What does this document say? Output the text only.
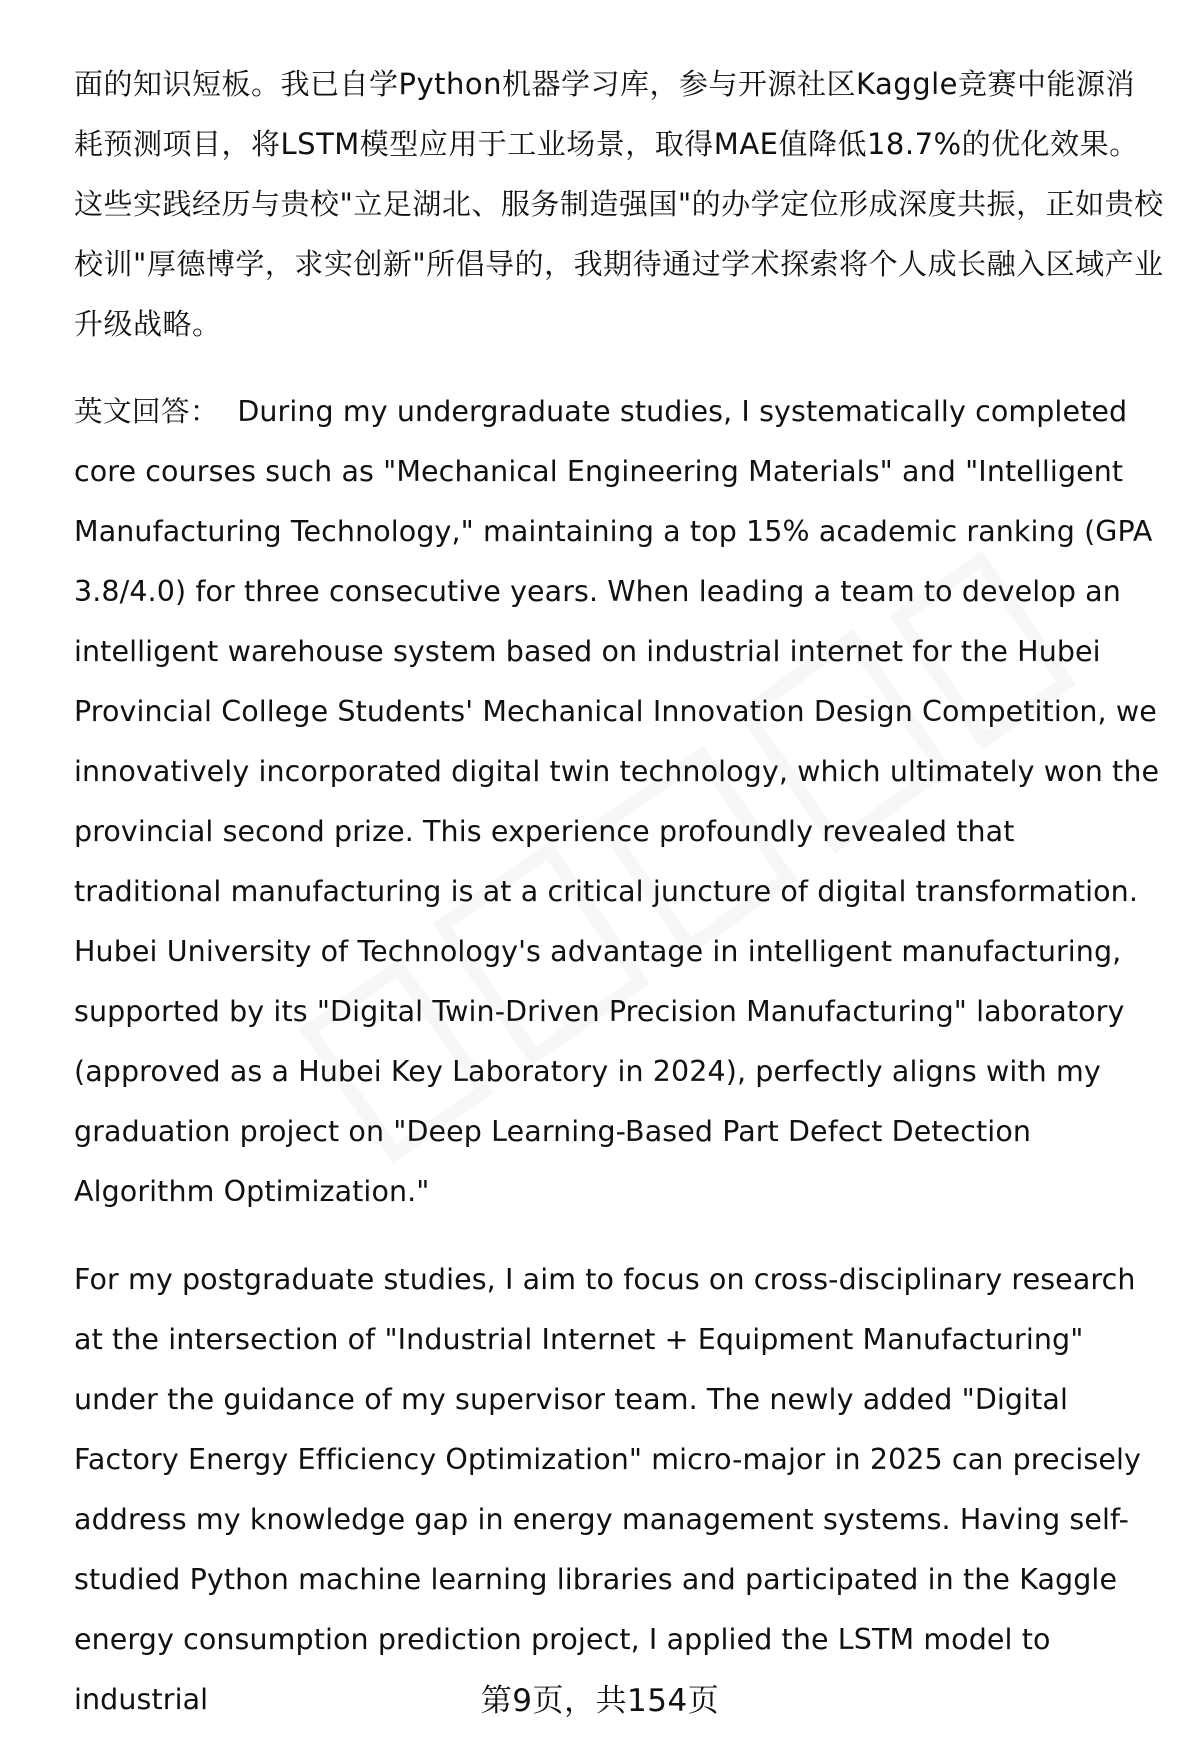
面的知识短板。我已自学Python机器学习库，参与开源社区Kaggle竞赛中能源消耗预测项目，将LSTM模型应用于工业场景，取得MAE值降低18.7%的优化效果。这些实践经历与贵校"立足湖北、服务制造强国"的办学定位形成深度共振，正如贵校校训"厚德博学，求实创新"所倡导的，我期待通过学术探索将个人成长融入区域产业升级战略。

英文回答： During my undergraduate studies, I systematically completed core courses such as "Mechanical Engineering Materials" and "Intelligent Manufacturing Technology," maintaining a top 15% academic ranking (GPA 3.8/4.0) for three consecutive years. When leading a team to develop an intelligent warehouse system based on industrial internet for the Hubei Provincial College Students' Mechanical Innovation Design Competition, we innovatively incorporated digital twin technology, which ultimately won the provincial second prize. This experience profoundly revealed that traditional manufacturing is at a critical juncture of digital transformation. Hubei University of Technology's advantage in intelligent manufacturing, supported by its "Digital Twin-Driven Precision Manufacturing" laboratory (approved as a Hubei Key Laboratory in 2024), perfectly aligns with my graduation project on "Deep Learning-Based Part Defect Detection Algorithm Optimization."

For my postgraduate studies, I aim to focus on cross-disciplinary research at the intersection of "Industrial Internet + Equipment Manufacturing" under the guidance of my supervisor team. The newly added "Digital Factory Energy Efficiency Optimization" micro-major in 2025 can precisely address my knowledge gap in energy management systems. Having self-studied Python machine learning libraries and participated in the Kaggle energy consumption prediction project, I applied the LSTM model to industrial	第9页，共154页
